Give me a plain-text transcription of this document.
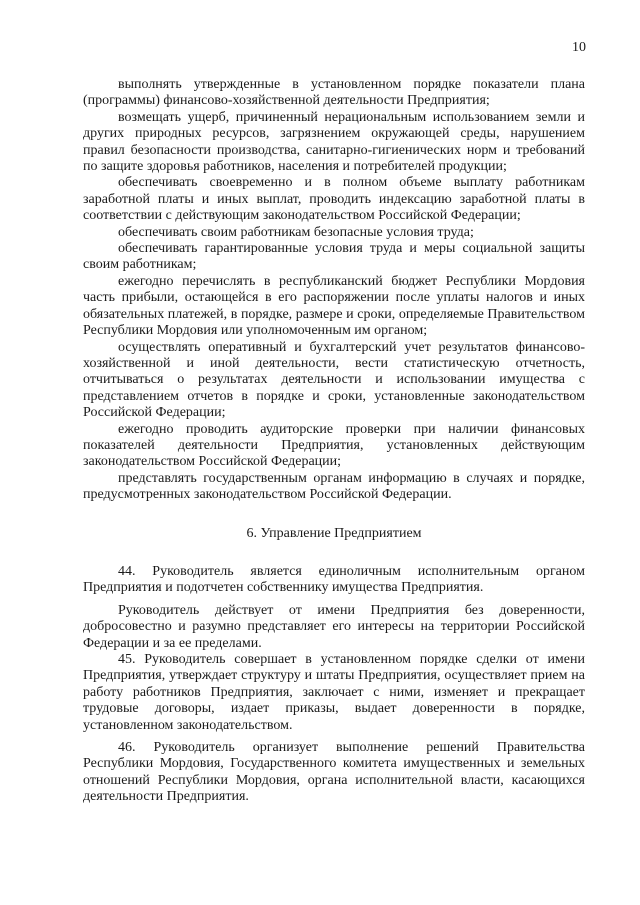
10

выполнять утвержденные в установленном порядке показатели плана (программы) финансово-хозяйственной деятельности Предприятия;

возмещать ущерб, причиненный нерациональным использованием земли и других природных ресурсов, загрязнением окружающей среды, нарушением правил безопасности производства, санитарно-гигиенических норм и требований по защите здоровья работников, населения и потребителей продукции;

обеспечивать своевременно и в полном объеме выплату работникам заработной платы и иных выплат, проводить индексацию заработной платы в соответствии с действующим законодательством Российской Федерации;

обеспечивать своим работникам безопасные условия труда;

обеспечивать гарантированные условия труда и меры социальной защиты своим работникам;

ежегодно перечислять в республиканский бюджет Республики Мордовия часть прибыли, остающейся в его распоряжении после уплаты налогов и иных обязательных платежей, в порядке, размере и сроки, определяемые Правительством Республики Мордовия или уполномоченным им органом;

осуществлять оперативный и бухгалтерский учет результатов финансово-хозяйственной и иной деятельности, вести статистическую отчетность, отчитываться о результатах деятельности и использовании имущества с представлением отчетов в порядке и сроки, установленные законодательством Российской Федерации;

ежегодно проводить аудиторские проверки при наличии финансовых показателей деятельности Предприятия, установленных действующим законодательством Российской Федерации;

представлять государственным органам информацию в случаях и порядке, предусмотренных законодательством Российской Федерации.

6. Управление Предприятием

44. Руководитель является единоличным исполнительным органом Предприятия и подотчетен собственнику имущества Предприятия.

Руководитель действует от имени Предприятия без доверенности, добросовестно и разумно представляет его интересы на территории Российской Федерации и за ее пределами.

45. Руководитель совершает в установленном порядке сделки от имени Предприятия, утверждает структуру и штаты Предприятия, осуществляет прием на работу работников Предприятия, заключает с ними, изменяет и прекращает трудовые договоры, издает приказы, выдает доверенности в порядке, установленном законодательством.

46. Руководитель организует выполнение решений Правительства Республики Мордовия, Государственного комитета имущественных и земельных отношений Республики Мордовия, органа исполнительной власти, касающихся деятельности Предприятия.
